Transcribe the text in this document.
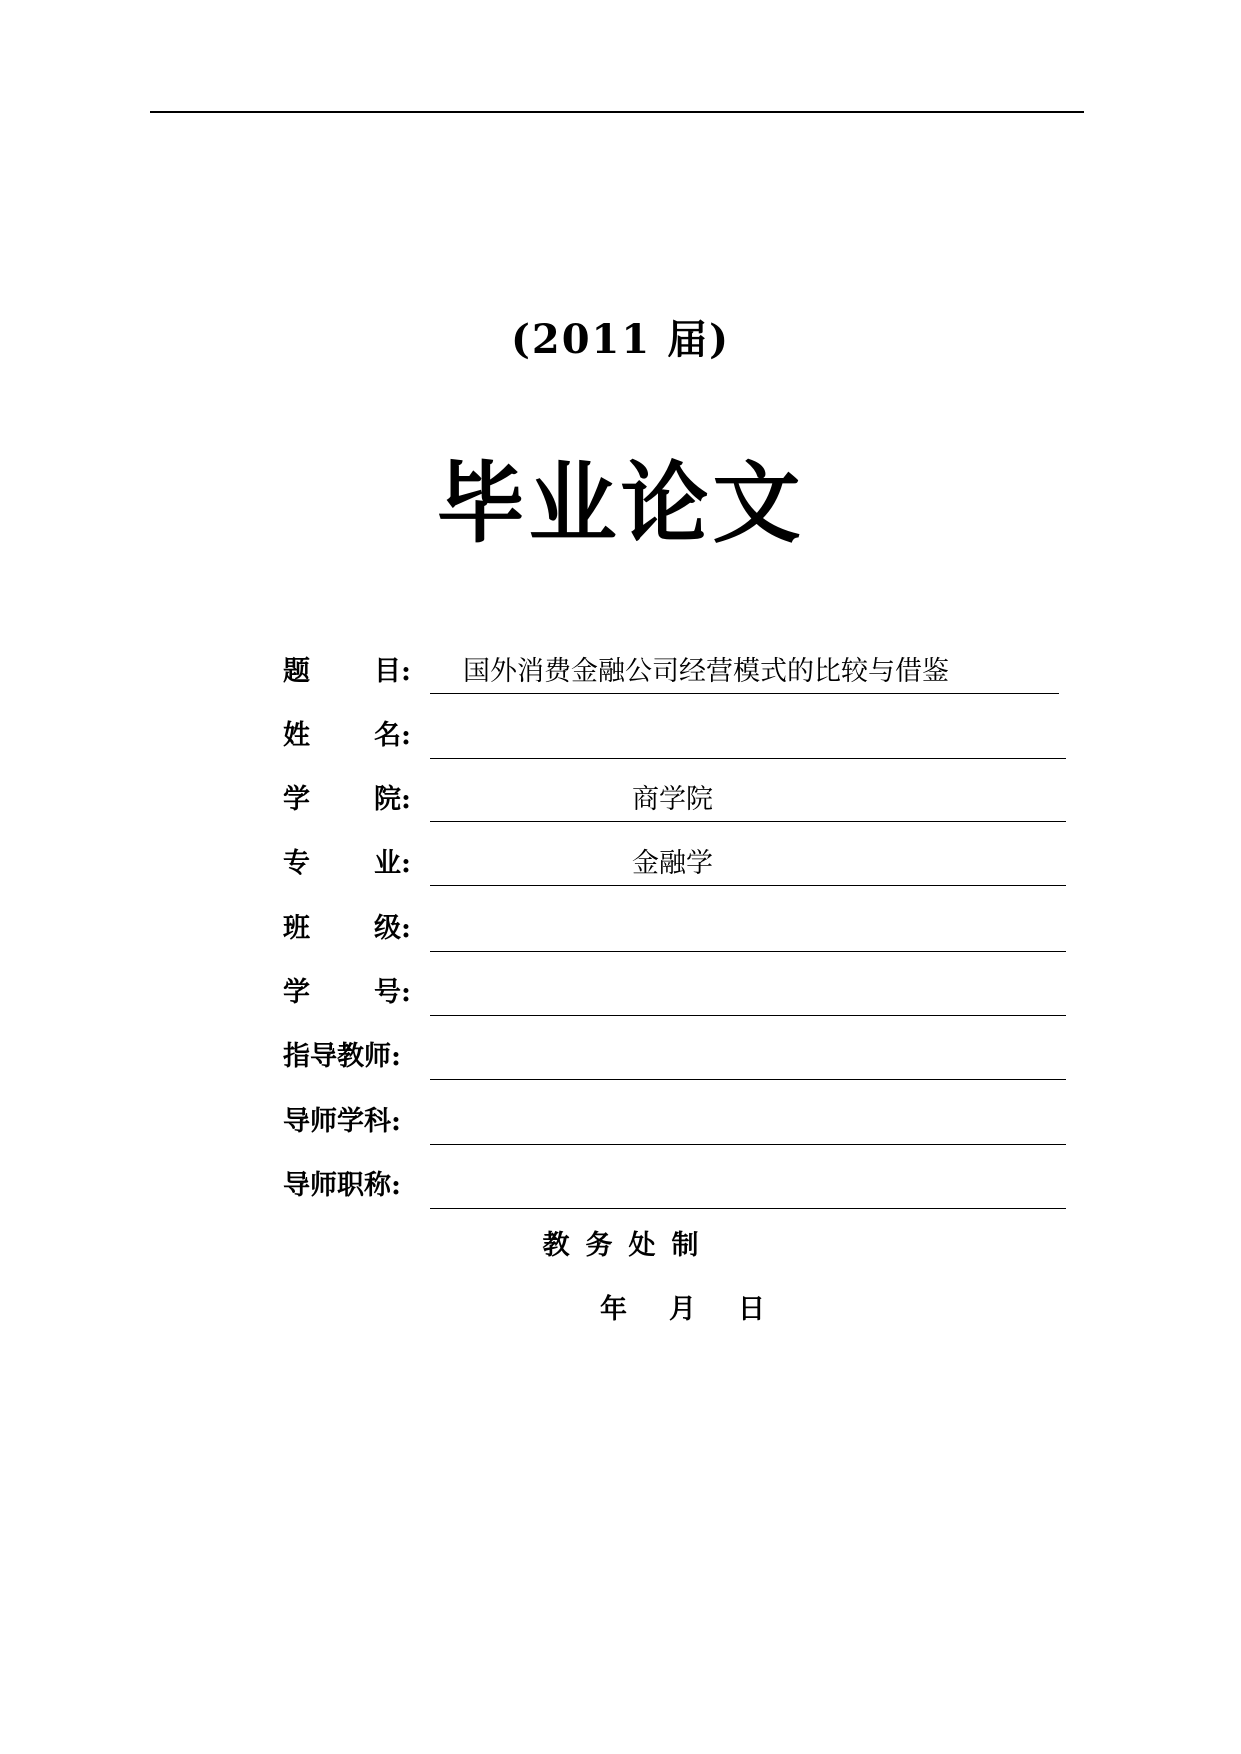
(2011 届)
毕业论文
题 目:	国外消费金融公司经营模式的比较与借鉴
姓 名:
学 院:	商学院
专 业:	金融学
班 级:
学 号:
指导教师:
导师学科:
导师职称:
教 务 处 制
年 月 日
